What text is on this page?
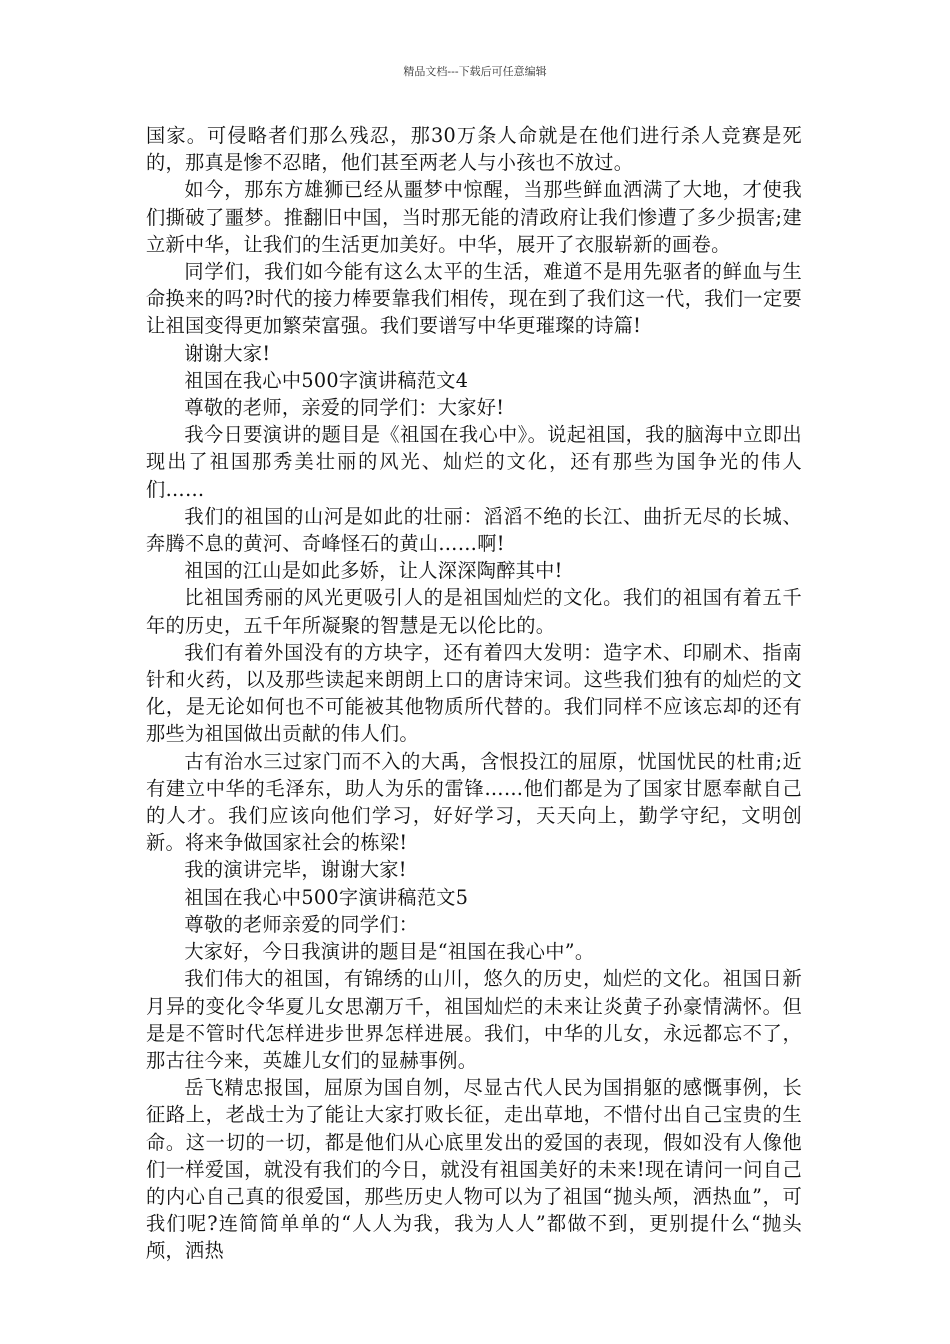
精品文档---下载后可任意编辑

国家。可侵略者们那么残忍，那30万条人命就是在他们进行杀人竞赛是死的，那真是惨不忍睹，他们甚至两老人与小孩也不放过。

如今，那东方雄狮已经从噩梦中惊醒，当那些鲜血洒满了大地，才使我们撕破了噩梦。推翻旧中国，当时那无能的清政府让我们惨遭了多少损害;建立新中华，让我们的生活更加美好。中华，展开了衣服崭新的画卷。

同学们，我们如今能有这么太平的生活，难道不是用先驱者的鲜血与生命换来的吗?时代的接力棒要靠我们相传，现在到了我们这一代，我们一定要让祖国变得更加繁荣富强。我们要谱写中华更璀璨的诗篇!

谢谢大家!

祖国在我心中500字演讲稿范文4

尊敬的老师，亲爱的同学们：大家好!

我今日要演讲的题目是《祖国在我心中》。说起祖国，我的脑海中立即出现出了祖国那秀美壮丽的风光、灿烂的文化，还有那些为国争光的伟人们……

我们的祖国的山河是如此的壮丽：滔滔不绝的长江、曲折无尽的长城、奔腾不息的黄河、奇峰怪石的黄山……啊!

祖国的江山是如此多娇，让人深深陶醉其中!

比祖国秀丽的风光更吸引人的是祖国灿烂的文化。我们的祖国有着五千年的历史，五千年所凝聚的智慧是无以伦比的。

我们有着外国没有的方块字，还有着四大发明：造字术、印刷术、指南针和火药，以及那些读起来朗朗上口的唐诗宋词。这些我们独有的灿烂的文化，是无论如何也不可能被其他物质所代替的。我们同样不应该忘却的还有那些为祖国做出贡献的伟人们。

古有治水三过家门而不入的大禹，含恨投江的屈原，忧国忧民的杜甫;近有建立中华的毛泽东，助人为乐的雷锋……他们都是为了国家甘愿奉献自己的人才。我们应该向他们学习，好好学习，天天向上，勤学守纪，文明创新。将来争做国家社会的栋梁!

我的演讲完毕，谢谢大家!

祖国在我心中500字演讲稿范文5

尊敬的老师亲爱的同学们：

大家好，今日我演讲的题目是“祖国在我心中”。

我们伟大的祖国，有锦绣的山川，悠久的历史，灿烂的文化。祖国日新月异的变化令华夏儿女思潮万千，祖国灿烂的未来让炎黄子孙豪情满怀。但是是不管时代怎样进步世界怎样进展。我们，中华的儿女，永远都忘不了，那古往今来，英雄儿女们的显赫事例。

岳飞精忠报国，屈原为国自刎，尽显古代人民为国捐躯的感慨事例，长征路上，老战士为了能让大家打败长征，走出草地，不惜付出自己宝贵的生命。这一切的一切，都是他们从心底里发出的爱国的表现，假如没有人像他们一样爱国，就没有我们的今日，就没有祖国美好的未来!现在请问一问自己的内心自己真的很爱国，那些历史人物可以为了祖国“抛头颅，洒热血”，可我们呢?连简简单单的“人人为我，我为人人”都做不到，更别提什么“抛头颅，洒热
